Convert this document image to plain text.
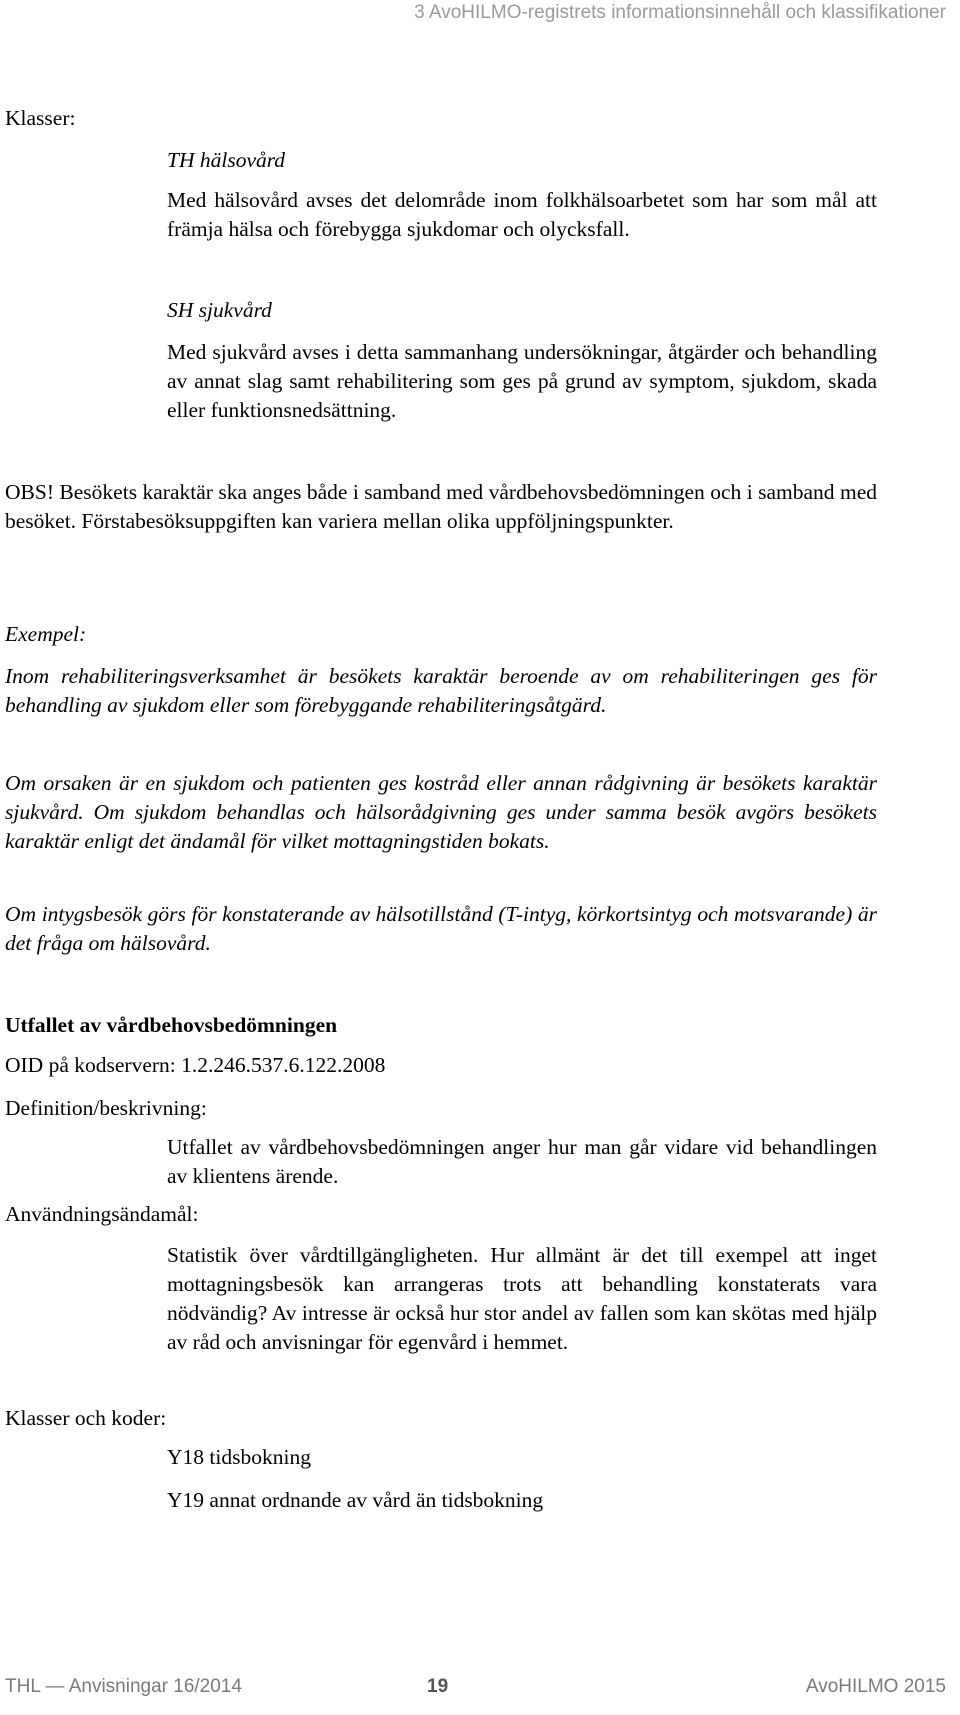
3 AvoHILMO-registrets informationsinnehåll och klassifikationer
Klasser:
TH hälsovård
Med hälsovård avses det delområde inom folkhälsoarbetet som har som mål att främja hälsa och förebygga sjukdomar och olycksfall.
SH sjukvård
Med sjukvård avses i detta sammanhang undersökningar, åtgärder och behandling av annat slag samt rehabilitering som ges på grund av symptom, sjukdom, skada eller funktionsnedsättning.
OBS! Besökets karaktär ska anges både i samband med vårdbehovsbedömningen och i samband med besöket. Förstabesöksuppgiften kan variera mellan olika uppföljningspunkter.
Exempel:
Inom rehabiliteringsverksamhet är besökets karaktär beroende av om rehabiliteringen ges för behandling av sjukdom eller som förebyggande rehabiliteringsåtgärd.
Om orsaken är en sjukdom och patienten ges kostråd eller annan rådgivning är besökets karaktär sjukvård. Om sjukdom behandlas och hälsorådgivning ges under samma besök avgörs besökets karaktär enligt det ändamål för vilket mottagningstiden bokats.
Om intygsbesök görs för konstaterande av hälsotillstånd (T-intyg, körkortsintyg och motsvarande) är det fråga om hälsovård.
Utfallet av vårdbehovsbedömningen
OID på kodservern: 1.2.246.537.6.122.2008
Definition/beskrivning:
Utfallet av vårdbehovsbedömningen anger hur man går vidare vid behandlingen av klientens ärende.
Användningsändamål:
Statistik över vårdtillgängligheten. Hur allmänt är det till exempel att inget mottagningsbesök kan arrangeras trots att behandling konstaterats vara nödvändig? Av intresse är också hur stor andel av fallen som kan skötas med hjälp av råd och anvisningar för egenvård i hemmet.
Klasser och koder:
Y18 tidsbokning
Y19 annat ordnande av vård än tidsbokning
THL — Anvisningar 16/2014	19	AvoHILMO 2015
